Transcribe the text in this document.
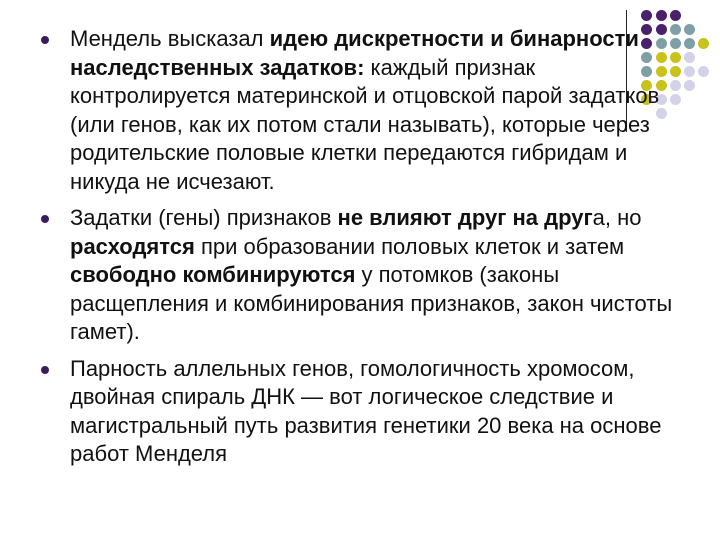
Мендель высказал идею дискретности и бинарности наследственных задатков: каждый признак контролируется материнской и отцовской парой задатков (или генов, как их потом стали называть), которые через родительские половые клетки передаются гибридам и никуда не исчезают.
Задатки (гены) признаков не влияют друг на друга, но расходятся при образовании половых клеток и затем свободно комбинируются у потомков (законы расщепления и комбинирования признаков, закон чистоты гамет).
Парность аллельных генов, гомологичность хромосом, двойная спираль ДНК — вот логическое следствие и магистральный путь развития генетики 20 века на основе работ Менделя
